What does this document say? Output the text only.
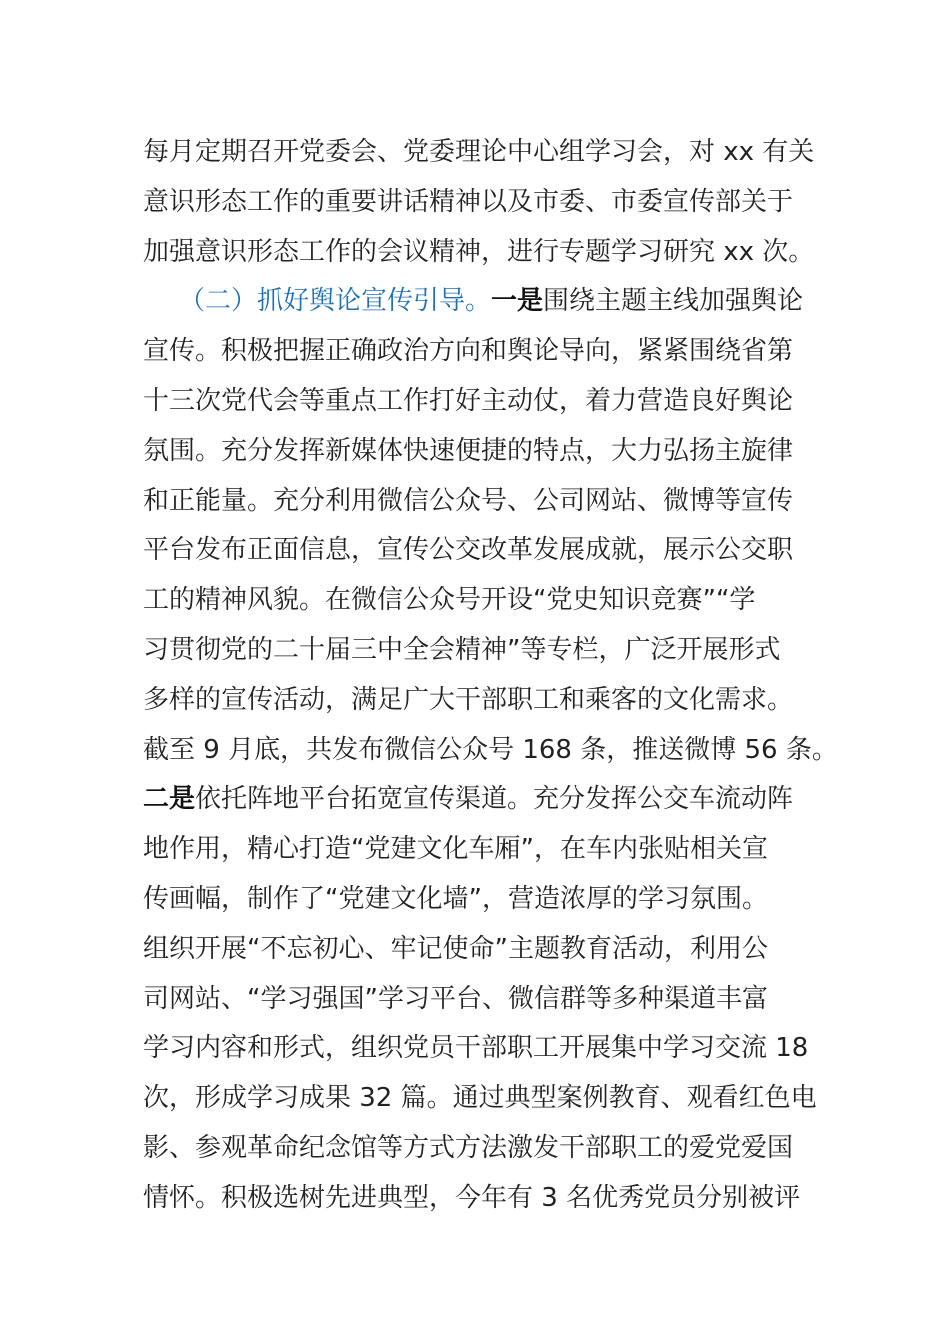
每月定期召开党委会、党委理论中心组学习会，对 xx 有关
意识形态工作的重要讲话精神以及市委、市委宣传部关于
加强意识形态工作的会议精神，进行专题学习研究 xx 次。
（二）抓好舆论宣传引导。一是围绕主题主线加强舆论
宣传。积极把握正确政治方向和舆论导向，紧紧围绕省第
十三次党代会等重点工作打好主动仗，着力营造良好舆论
氛围。充分发挥新媒体快速便捷的特点，大力弘扬主旋律
和正能量。充分利用微信公众号、公司网站、微博等宣传
平台发布正面信息，宣传公交改革发展成就，展示公交职
工的精神风貌。在微信公众号开设“党史知识竞赛”“学
习贯彻党的二十届三中全会精神”等专栏，广泛开展形式
多样的宣传活动，满足广大干部职工和乘客的文化需求。
截至 9 月底，共发布微信公众号 168 条，推送微博 56 条。
二是依托阵地平台拓宽宣传渠道。充分发挥公交车流动阵
地作用，精心打造“党建文化车厢”，在车内张贴相关宣
传画幅，制作了“党建文化墙”，营造浓厚的学习氛围。
组织开展“不忘初心、牢记使命”主题教育活动，利用公
司网站、“学习强国”学习平台、微信群等多种渠道丰富
学习内容和形式，组织党员干部职工开展集中学习交流 18
次，形成学习成果 32 篇。通过典型案例教育、观看红色电
影、参观革命纪念馆等方式方法激发干部职工的爱党爱国
情怀。积极选树先进典型，今年有 3 名优秀党员分别被评
